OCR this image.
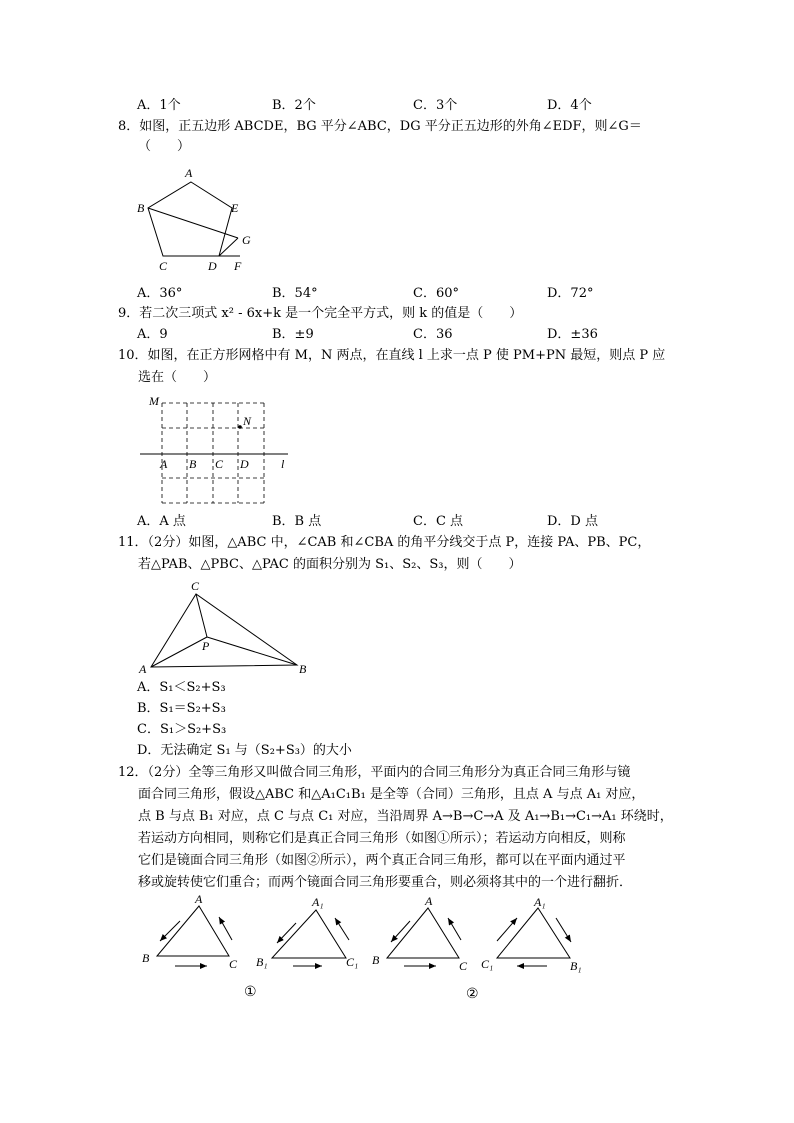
A．1个	B．2个	C．3个	D．4个
8．如图，正五边形 ABCDE，BG 平分∠ABC，DG 平分正五边形的外角∠EDF，则∠G＝
（　　）
A
B
C	D
E
F
G
M
N
A B C D	l
C
P
A	B
A
B	C
A₁
B₁	C₁
A
B	C
A₁
C₁	B₁
A．36°	B．54°	C．60°	D．72°
9．若二次三项式 x² - 6x+k 是一个完全平方式，则 k 的值是（　　）
A．9	B．±9	C．36	D．±36
10．如图，在正方形网格中有 M，N 两点，在直线 l 上求一点 P 使 PM+PN 最短，则点 P 应
选在（　　）
A．A 点	B．B 点	C．C 点	D．D 点
11．（2分）如图，△ABC 中，∠CAB 和∠CBA 的角平分线交于点 P，连接 PA、PB、PC，
若△PAB、△PBC、△PAC 的面积分别为 S₁、S₂、S₃，则（　　）
A．S₁＜S₂+S₃
B．S₁＝S₂+S₃
C．S₁＞S₂+S₃
D．无法确定 S₁ 与（S₂+S₃）的大小
12．（2分）全等三角形又叫做合同三角形，平面内的合同三角形分为真正合同三角形与镜
面合同三角形，假设△ABC 和△A₁C₁B₁ 是全等（合同）三角形，且点 A 与点 A₁ 对应，
点 B 与点 B₁ 对应，点 C 与点 C₁ 对应，当沿周界 A→B→C→A 及 A₁→B₁→C₁→A₁ 环绕时，
若运动方向相同，则称它们是真正合同三角形（如图①所示）；若运动方向相反，则称
它们是镜面合同三角形（如图②所示），两个真正合同三角形，都可以在平面内通过平
移或旋转使它们重合；而两个镜面合同三角形要重合，则必须将其中的一个进行翻折．
①	②
